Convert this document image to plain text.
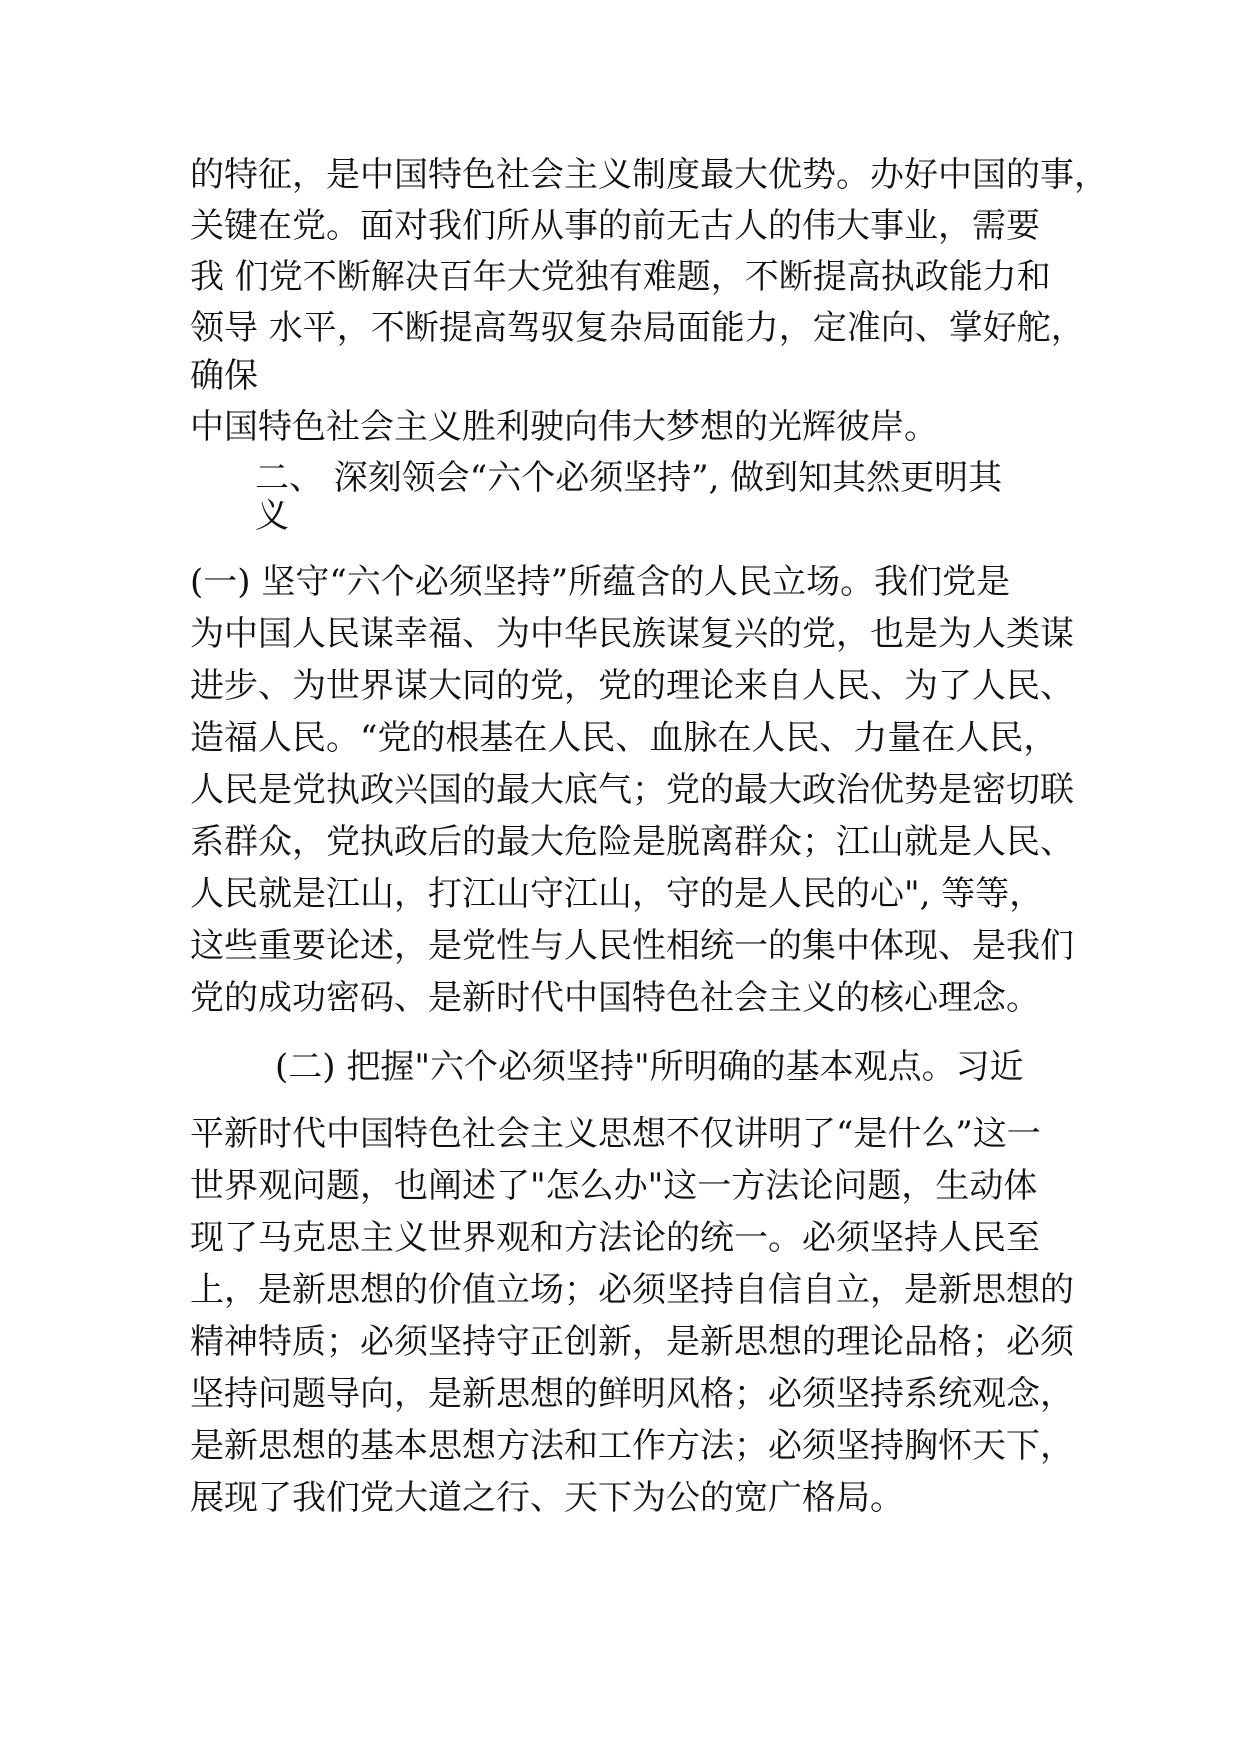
的特征，是中国特色社会主义制度最大优势。办好中国的事，

关键在党。面对我们所从事的前无古人的伟大事业，需要

我 们党不断解决百年大党独有难题，不断提高执政能力和

领导 水平，不断提高驾驭复杂局面能力，定准向、掌好舵，

确保

中国特色社会主义胜利驶向伟大梦想的光辉彼岸。

二、 深刻领会“六个必须坚持”, 做到知其然更明其

义

(一) 坚守“六个必须坚持”所蕴含的人民立场。我们党是

为中国人民谋幸福、为中华民族谋复兴的党，也是为人类谋

进步、为世界谋大同的党，党的理论来自人民、为了人民、

造福人民。“党的根基在人民、血脉在人民、力量在人民，

人民是党执政兴国的最大底气；党的最大政治优势是密切联

系群众，党执政后的最大危险是脱离群众；江山就是人民、

人民就是江山，打江山守江山，守的是人民的心", 等等，

这些重要论述，是党性与人民性相统一的集中体现、是我们

党的成功密码、是新时代中国特色社会主义的核心理念。

(二) 把握"六个必须坚持"所明确的基本观点。习近

平新时代中国特色社会主义思想不仅讲明了“是什么”这一

世界观问题，也阐述了"怎么办"这一方法论问题，生动体

现了马克思主义世界观和方法论的统一。必须坚持人民至

上，是新思想的价值立场；必须坚持自信自立，是新思想的

精神特质；必须坚持守正创新，是新思想的理论品格；必须

坚持问题导向，是新思想的鲜明风格；必须坚持系统观念，

是新思想的基本思想方法和工作方法；必须坚持胸怀天下，

展现了我们党大道之行、天下为公的宽广格局。
